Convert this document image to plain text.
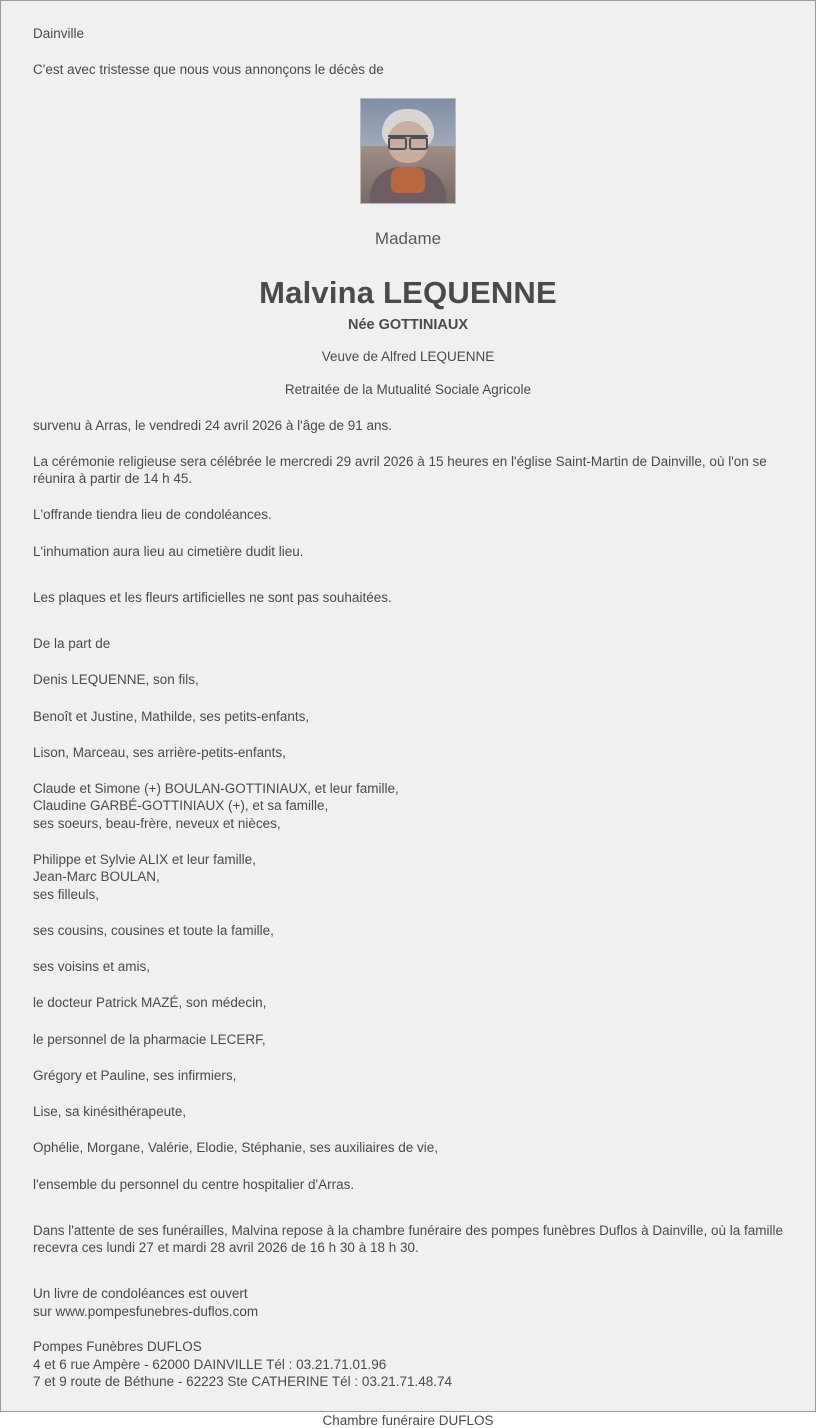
Dainville
C'est avec tristesse que nous vous annonçons le décès de
Madame
Malvina LEQUENNE
Née GOTTINIAUX
Veuve de Alfred LEQUENNE
Retraitée de la Mutualité Sociale Agricole
survenu à Arras, le vendredi 24 avril 2026 à l'âge de 91 ans.
La cérémonie religieuse sera célébrée le mercredi 29 avril 2026 à 15 heures en l'église Saint-Martin de Dainville, où l'on se réunira à partir de 14 h 45.
L'offrande tiendra lieu de condoléances.
L'inhumation aura lieu au cimetière dudit lieu.
Les plaques et les fleurs artificielles ne sont pas souhaitées.
De la part de
Denis LEQUENNE, son fils,
Benoît et Justine, Mathilde, ses petits-enfants,
Lison, Marceau, ses arrière-petits-enfants,
Claude et Simone (+) BOULAN-GOTTINIAUX, et leur famille,
Claudine GARBÉ-GOTTINIAUX (+), et sa famille,
ses soeurs, beau-frère, neveux et nièces,
Philippe et Sylvie ALIX et leur famille,
Jean-Marc BOULAN,
ses filleuls,
ses cousins, cousines et toute la famille,
ses voisins et amis,
le docteur Patrick MAZÉ, son médecin,
le personnel de la pharmacie LECERF,
Grégory et Pauline, ses infirmiers,
Lise, sa kinésithérapeute,
Ophélie, Morgane, Valérie, Elodie, Stéphanie, ses auxiliaires de vie,
l'ensemble du personnel du centre hospitalier d'Arras.
Dans l'attente de ses funérailles, Malvina repose à la chambre funéraire des pompes funèbres Duflos à Dainville, où la famille recevra ces lundi 27 et mardi 28 avril 2026 de 16 h 30 à 18 h 30.
Un livre de condoléances est ouvert
sur www.pompesfunebres-duflos.com
Pompes Funèbres DUFLOS
4 et 6 rue Ampère - 62000 DAINVILLE Tél : 03.21.71.01.96
7 et 9 route de Béthune - 62223 Ste CATHERINE Tél : 03.21.71.48.74
Chambre funéraire DUFLOS
